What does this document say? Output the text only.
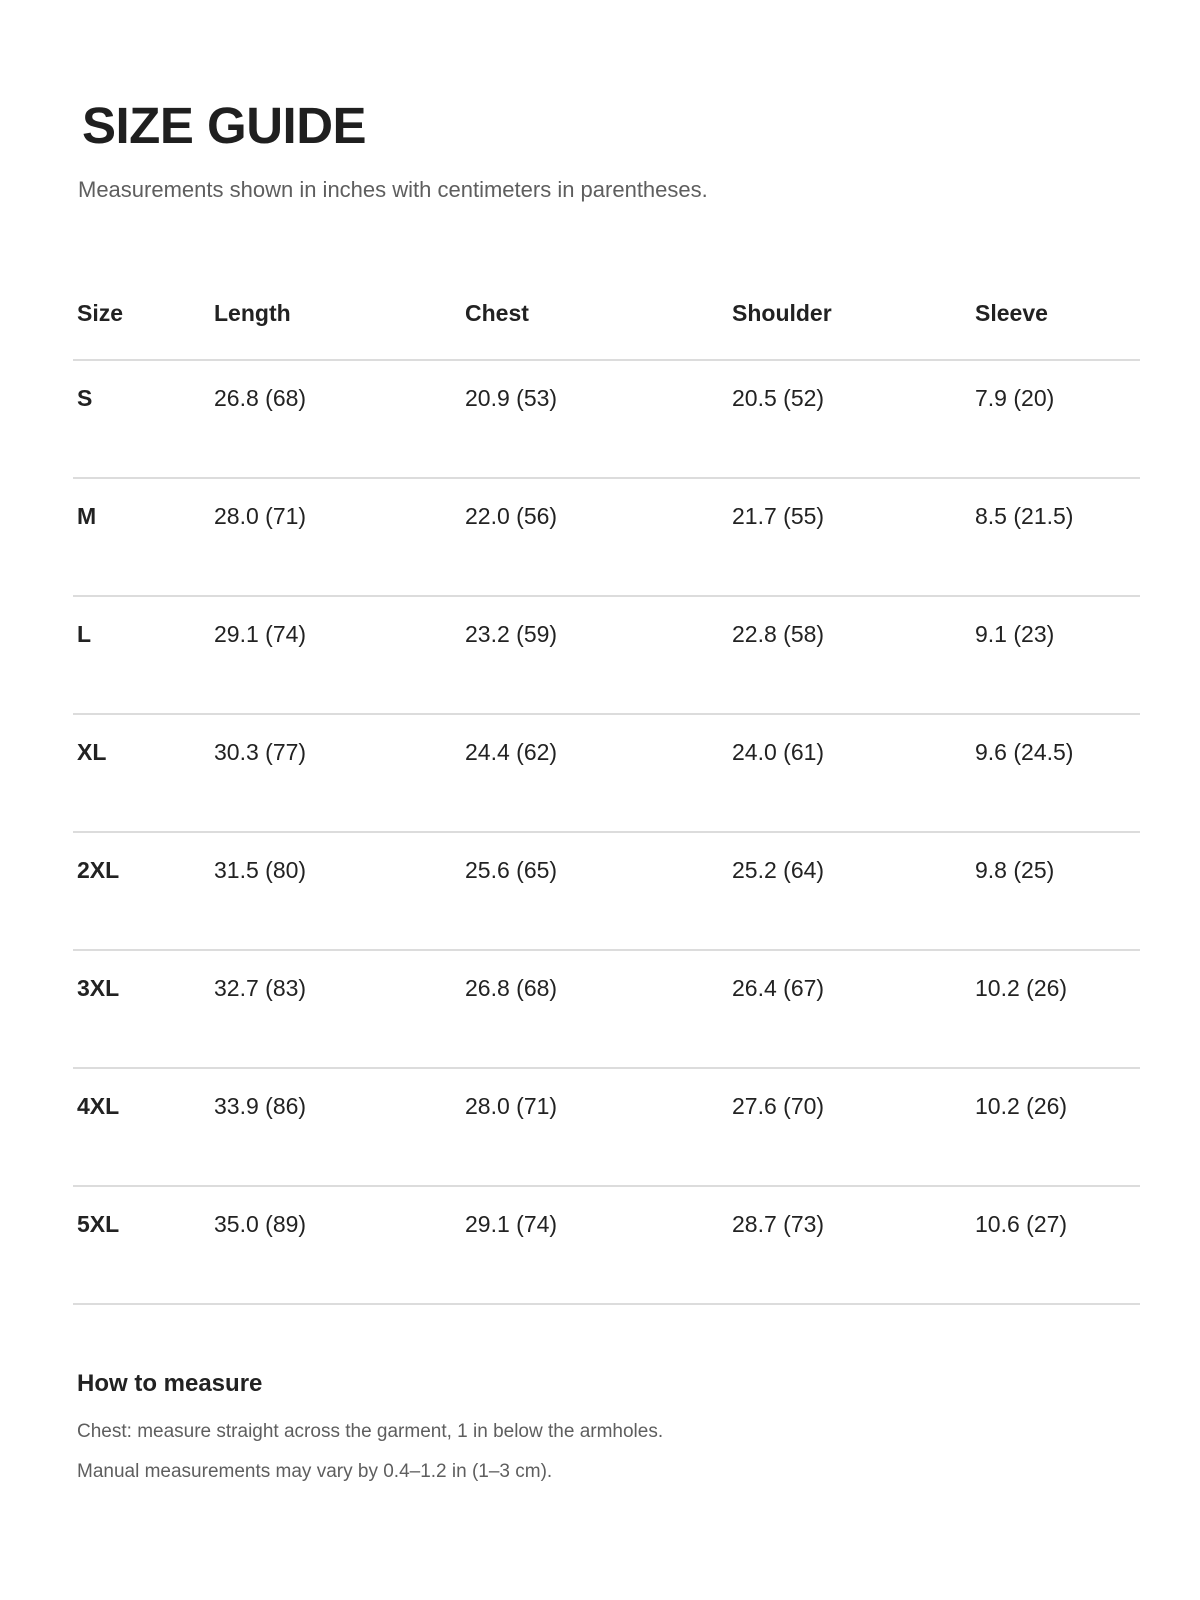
SIZE GUIDE

Measurements shown in inches with centimeters in parentheses.

Size	Length	Chest	Shoulder	Sleeve
S	26.8 (68)	20.9 (53)	20.5 (52)	7.9 (20)
M	28.0 (71)	22.0 (56)	21.7 (55)	8.5 (21.5)
L	29.1 (74)	23.2 (59)	22.8 (58)	9.1 (23)
XL	30.3 (77)	24.4 (62)	24.0 (61)	9.6 (24.5)
2XL	31.5 (80)	25.6 (65)	25.2 (64)	9.8 (25)
3XL	32.7 (83)	26.8 (68)	26.4 (67)	10.2 (26)
4XL	33.9 (86)	28.0 (71)	27.6 (70)	10.2 (26)
5XL	35.0 (89)	29.1 (74)	28.7 (73)	10.6 (27)
How to measure

Chest: measure straight across the garment, 1 in below the armholes.

Manual measurements may vary by 0.4–1.2 in (1–3 cm).
